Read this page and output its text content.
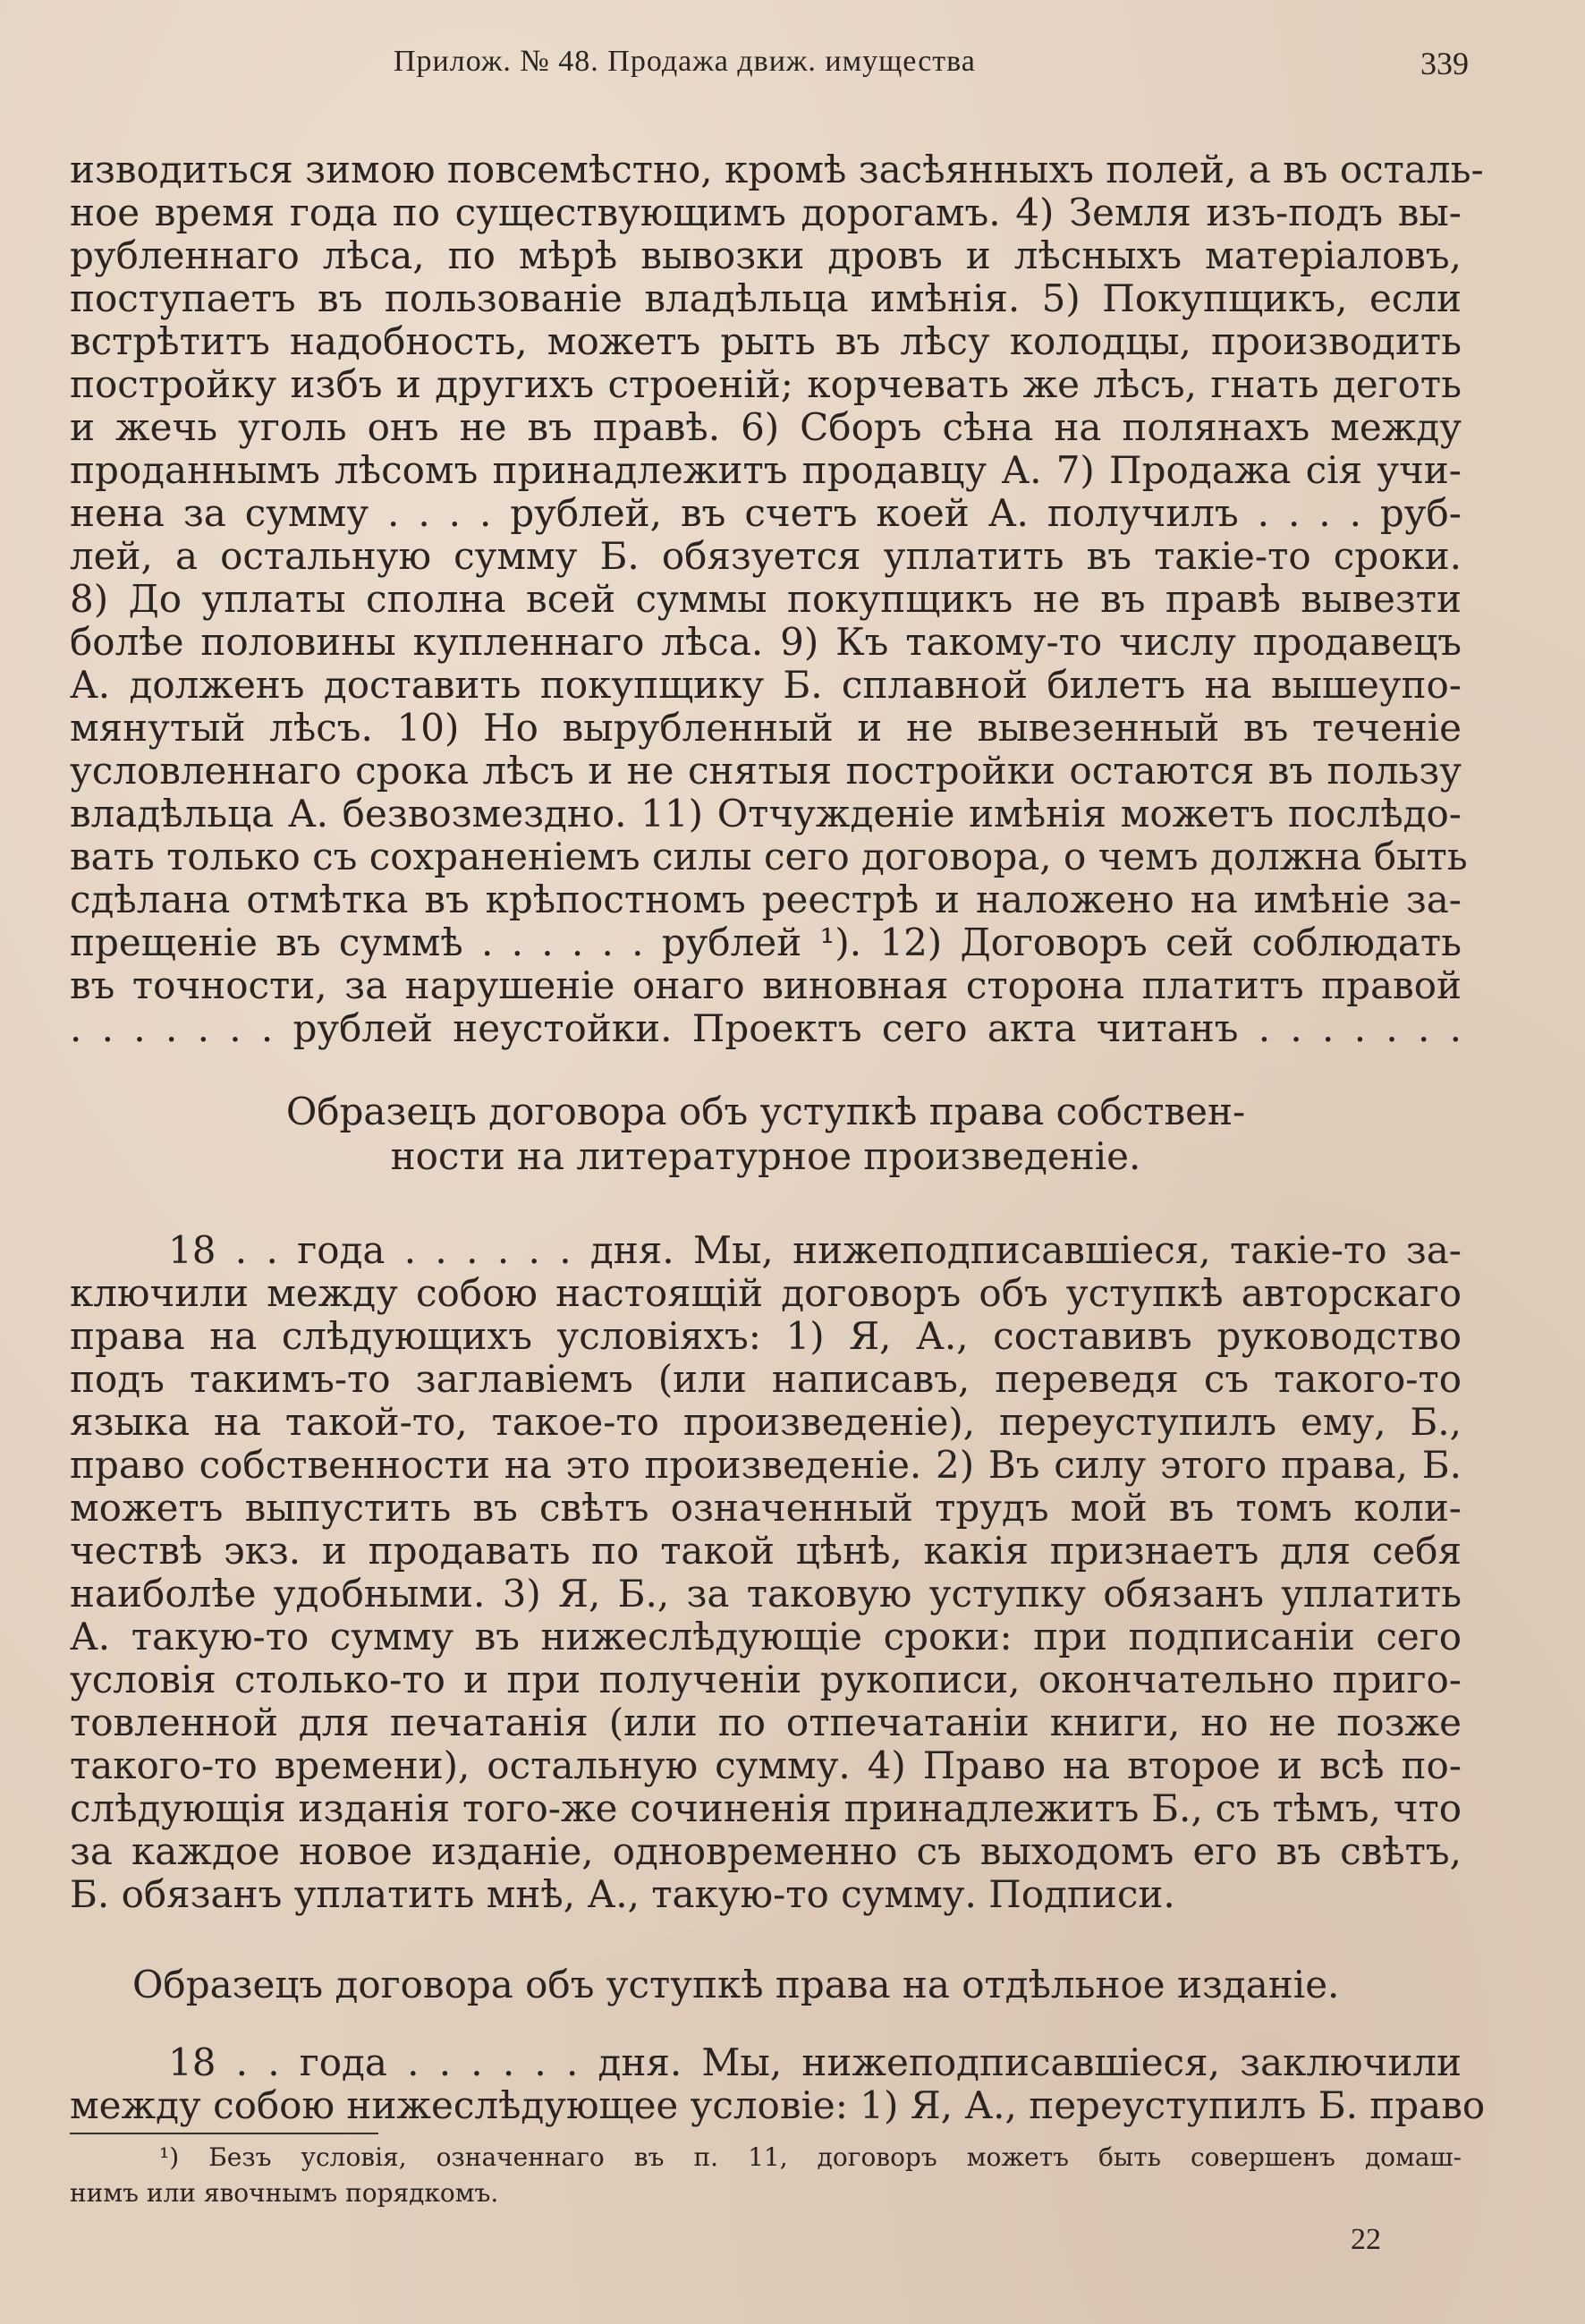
Прилож. № 48. Продажа движ. имущества	339
изводиться зимою повсемѣстно, кромѣ засѣянныхъ полей, а въ осталь-
ное время года по существующимъ дорогамъ. 4) Земля изъ-подъ вы-
рубленнаго лѣса, по мѣрѣ вывозки дровъ и лѣсныхъ матеріаловъ,
поступаетъ въ пользованіе владѣльца имѣнія. 5) Покупщикъ, если
встрѣтитъ надобность, можетъ рыть въ лѣсу колодцы, производить
постройку избъ и другихъ строеній; корчевать же лѣсъ, гнать деготь
и жечь уголь онъ не въ правѣ. 6) Сборъ сѣна на полянахъ между
проданнымъ лѣсомъ принадлежитъ продавцу А. 7) Продажа сія учи-
нена за сумму . . . . рублей, въ счетъ коей А. получилъ . . . . руб-
лей, а остальную сумму Б. обязуется уплатить въ такіе-то сроки.
8) До уплаты сполна всей суммы покупщикъ не въ правѣ вывезти
болѣе половины купленнаго лѣса. 9) Къ такому-то числу продавецъ
А. долженъ доставить покупщику Б. сплавной билетъ на вышеупо-
мянутый лѣсъ. 10) Но вырубленный и не вывезенный въ теченіе
условленнаго срока лѣсъ и не снятыя постройки остаются въ пользу
владѣльца А. безвозмездно. 11) Отчужденіе имѣнія можетъ послѣдо-
вать только съ сохраненіемъ силы сего договора, о чемъ должна быть
сдѣлана отмѣтка въ крѣпостномъ реестрѣ и наложено на имѣніе за-
прещеніе въ суммѣ . . . . . . рублей ¹). 12) Договоръ сей соблюдать
въ точности, за нарушеніе онаго виновная сторона платитъ правой
. . . . . . . рублей неустойки. Проектъ сего акта читанъ . . . . . . .
Образецъ договора объ уступкѣ права собствен-
ности на литературное произведеніе.
18 . . года . . . . . . дня. Мы, нижеподписавшіеся, такіе-то за-
ключили между собою настоящій договоръ объ уступкѣ авторскаго
права на слѣдующихъ условіяхъ: 1) Я, А., составивъ руководство
подъ такимъ-то заглавіемъ (или написавъ, переведя съ такого-то
языка на такой-то, такое-то произведеніе), переуступилъ ему, Б.,
право собственности на это произведеніе. 2) Въ силу этого права, Б.
можетъ выпустить въ свѣтъ означенный трудъ мой въ томъ коли-
чествѣ экз. и продавать по такой цѣнѣ, какія признаетъ для себя
наиболѣе удобными. 3) Я, Б., за таковую уступку обязанъ уплатить
А. такую-то сумму въ нижеслѣдующіе сроки: при подписаніи сего
условія столько-то и при полученіи рукописи, окончательно приго-
товленной для печатанія (или по отпечатаніи книги, но не позже
такого-то времени), остальную сумму. 4) Право на второе и всѣ по-
слѣдующія изданія того-же сочиненія принадлежитъ Б., съ тѣмъ, что
за каждое новое изданіе, одновременно съ выходомъ его въ свѣтъ,
Б. обязанъ уплатить мнѣ, А., такую-то сумму. Подписи.
Образецъ договора объ уступкѣ права на отдѣльное изданіе.
18 . . года . . . . . . дня. Мы, нижеподписавшіеся, заключили
между собою нижеслѣдующее условіе: 1) Я, А., переуступилъ Б. право
¹) Безъ условія, означеннаго въ п. 11, договоръ можетъ быть совершенъ домаш-
нимъ или явочнымъ порядкомъ.
22
